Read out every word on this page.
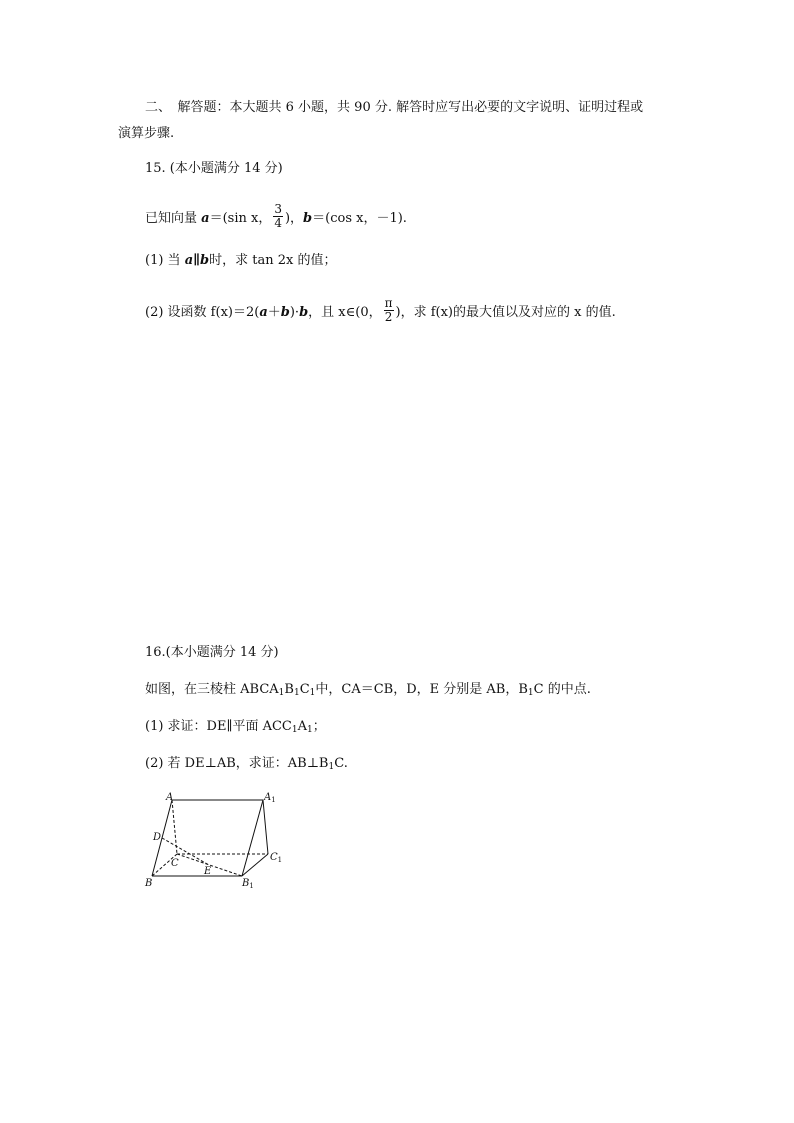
二、　解答题：本大题共 6 小题，共 90 分. 解答时应写出必要的文字说明、证明过程或
演算步骤.
15. (本小题满分 14 分)
已知向量 a＝(sin x， $\frac{3}{4}$ )，b＝(cos x，－1).
(1) 当 a∥b时，求 tan 2x 的值；
(2) 设函数 f(x)＝2(a＋b)·b，且 x∈(0， $\frac{\pi}{2}$ )，求 f(x)的最大值以及对应的 x 的值.
16.(本小题满分 14 分)
如图，在三棱柱 $ABCA_1B_1C_1$中，CA＝CB，D，E 分别是 AB，$B_1C$ 的中点.
(1) 求证：DE∥平面 $ACC_1A_1$；
(2) 若 DE⊥AB，求证：$AB\perp B_1C$.
A	$A_1$
D
C
$C_1$
E
B	$B_1$
